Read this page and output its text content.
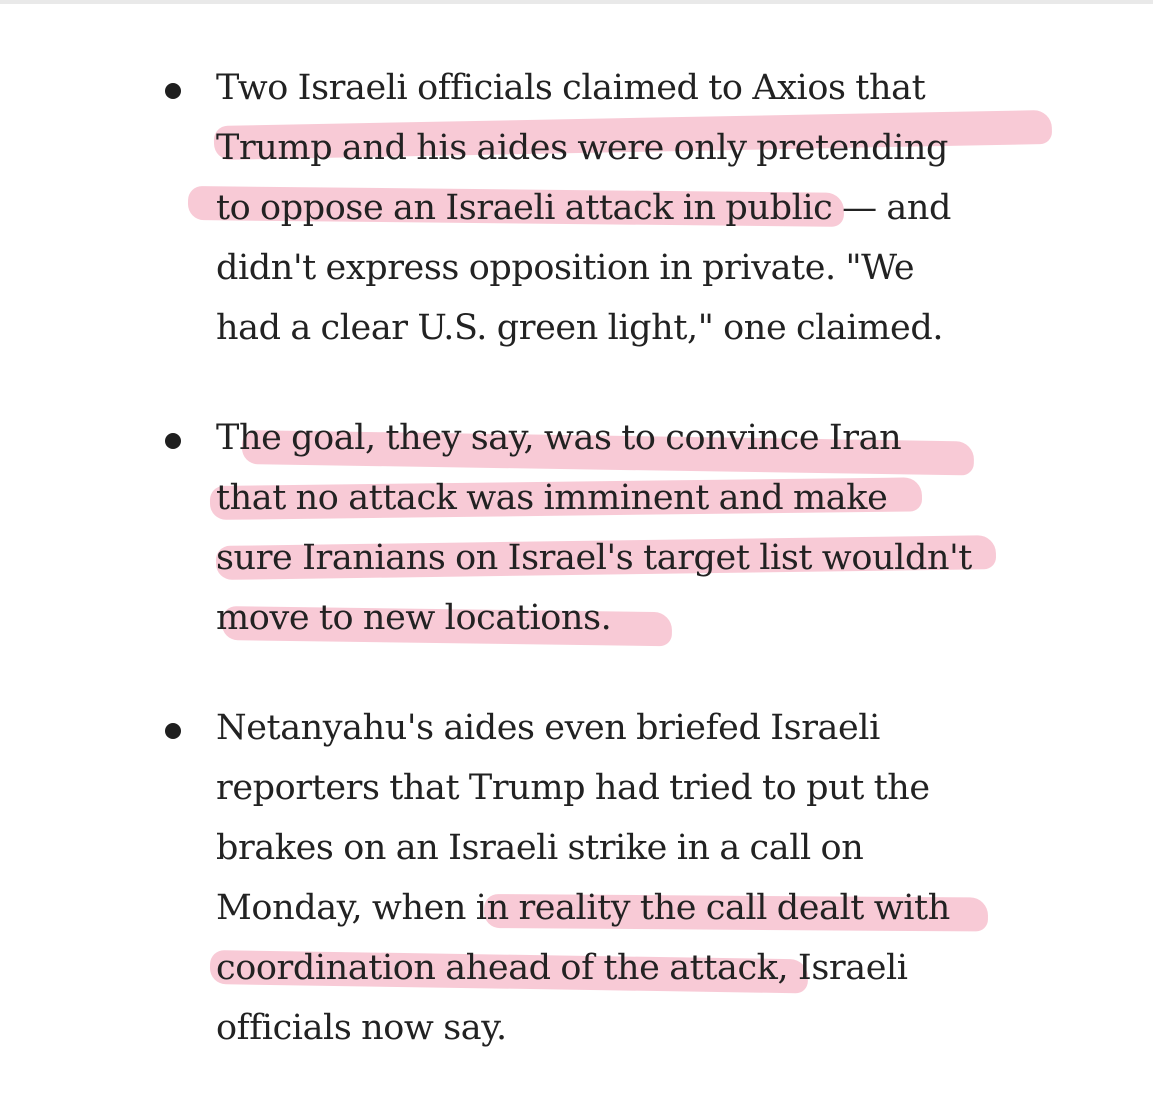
Two Israeli officials claimed to Axios that
Trump and his aides were only pretending
to oppose an Israeli attack in public — and
didn't express opposition in private. "We
had a clear U.S. green light," one claimed.
The goal, they say, was to convince Iran
that no attack was imminent and make
sure Iranians on Israel's target list wouldn't
move to new locations.
Netanyahu's aides even briefed Israeli
reporters that Trump had tried to put the
brakes on an Israeli strike in a call on
Monday, when in reality the call dealt with
coordination ahead of the attack, Israeli
officials now say.
